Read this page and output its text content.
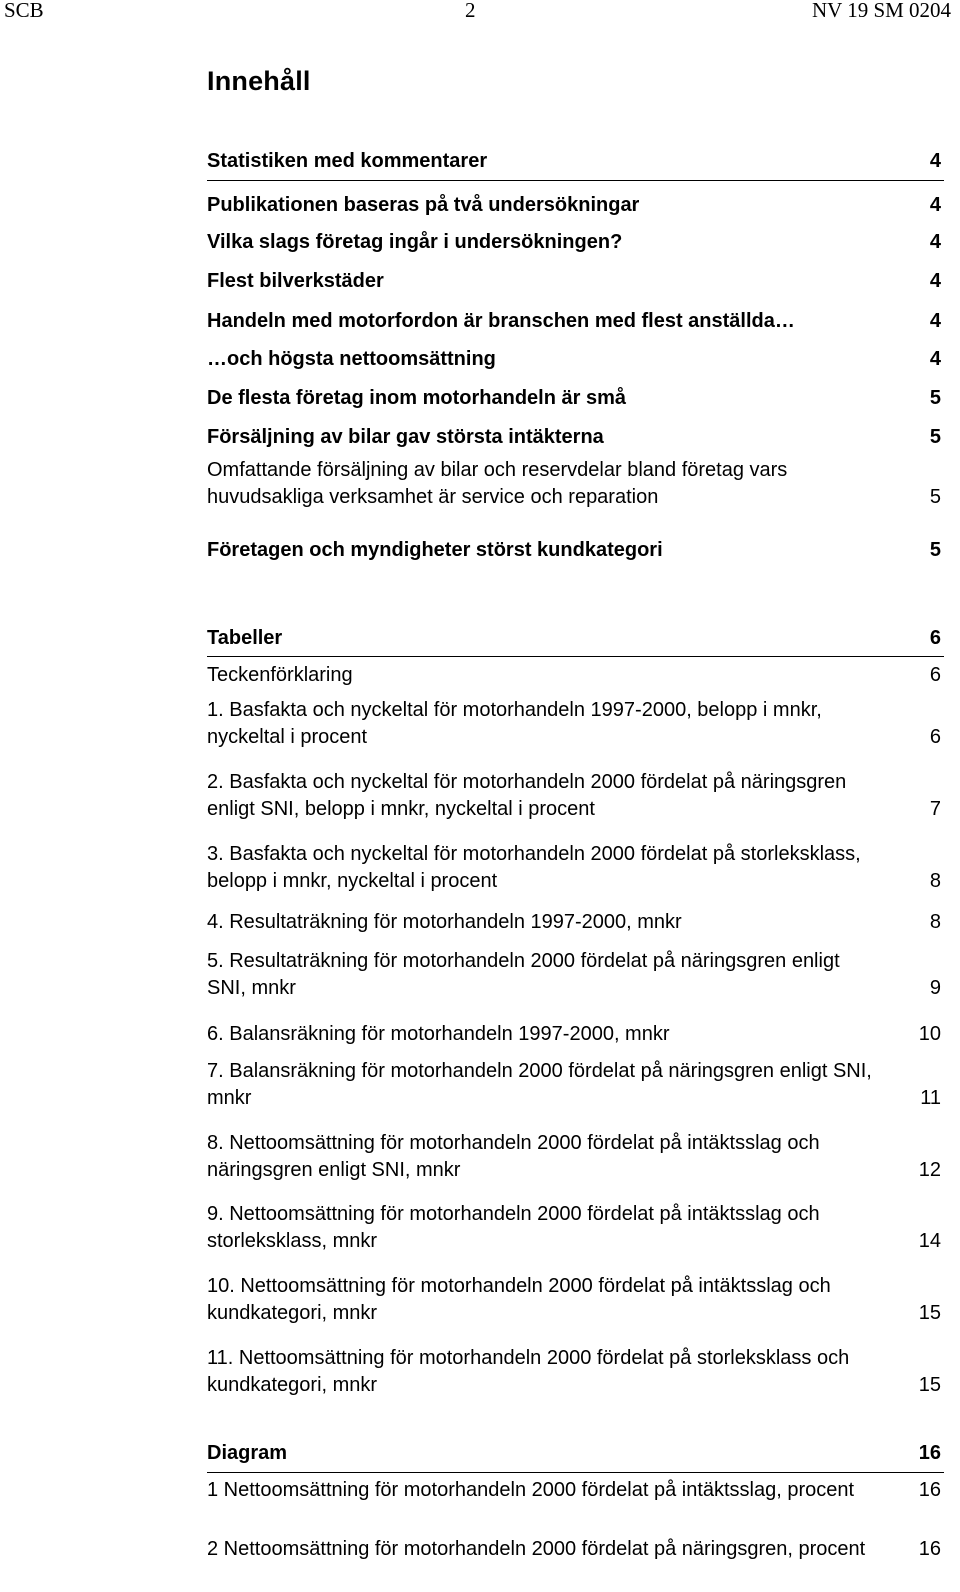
SCB	2	NV 19 SM 0204
Innehåll
Statistiken med kommentarer	4
Publikationen baseras på två undersökningar	4
Vilka slags företag ingår i undersökningen?	4
Flest bilverkstäder	4
Handeln med motorfordon är branschen med flest anställda…	4
…och högsta nettoomsättning	4
De flesta företag inom motorhandeln är små	5
Försäljning av bilar gav största intäkterna	5
Omfattande försäljning av bilar och reservdelar bland företag vars huvudsakliga verksamhet är service och reparation	5
Företagen och myndigheter störst kundkategori	5
Tabeller	6
Teckenförklaring	6
1. Basfakta och nyckeltal för motorhandeln 1997-2000, belopp i mnkr, nyckeltal i procent	6
2. Basfakta och nyckeltal för motorhandeln 2000 fördelat på näringsgren enligt SNI, belopp i mnkr, nyckeltal i procent	7
3. Basfakta och nyckeltal för motorhandeln 2000 fördelat på storleksklass, belopp i mnkr, nyckeltal i procent	8
4. Resultaträkning för motorhandeln 1997-2000, mnkr	8
5. Resultaträkning för motorhandeln 2000 fördelat på näringsgren enligt SNI, mnkr	9
6. Balansräkning för motorhandeln 1997-2000, mnkr	10
7. Balansräkning för motorhandeln 2000 fördelat på näringsgren enligt SNI, mnkr	11
8. Nettoomsättning för motorhandeln 2000 fördelat på intäktsslag och näringsgren enligt SNI, mnkr	12
9. Nettoomsättning för motorhandeln 2000 fördelat på intäktsslag och storleksklass, mnkr	14
10. Nettoomsättning för motorhandeln 2000 fördelat på intäktsslag och kundkategori, mnkr	15
11. Nettoomsättning för motorhandeln 2000 fördelat på storleksklass och kundkategori, mnkr	15
Diagram	16
1 Nettoomsättning för motorhandeln 2000 fördelat på intäktsslag, procent	16
2 Nettoomsättning för motorhandeln 2000 fördelat på näringsgren, procent	16
